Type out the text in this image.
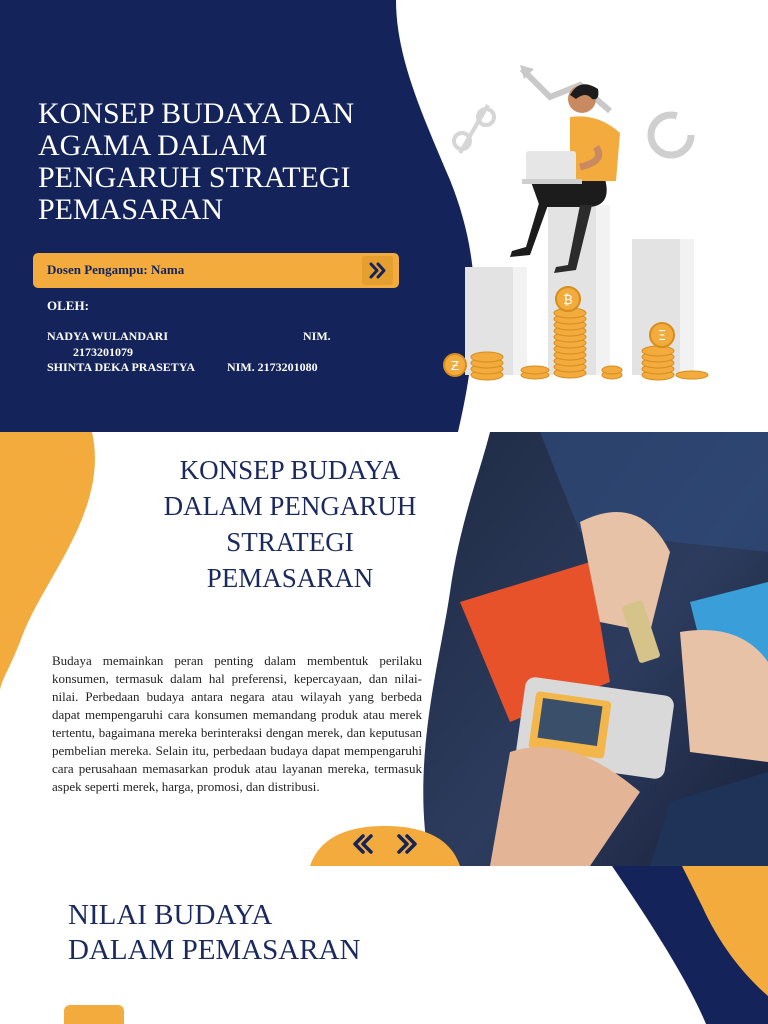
KONSEP BUDAYA DAN
AGAMA DALAM
PENGARUH STRATEGI
PEMASARAN
Dosen Pengampu: Nama
OLEH:
NADYA WULANDARI	NIM.
2173201079
SHINTA DEKA PRASETYA	NIM. 2173201080
₿
Ξ
Ƶ
KONSEP BUDAYA
DALAM PENGARUH
STRATEGI
PEMASARAN

Budaya memainkan peran penting dalam membentuk perilaku konsumen, termasuk dalam hal preferensi, kepercayaan, dan nilai-nilai. Perbedaan budaya antara negara atau wilayah yang berbeda dapat mempengaruhi cara konsumen memandang produk atau merek tertentu, bagaimana mereka berinteraksi dengan merek, dan keputusan pembelian mereka. Selain itu, perbedaan budaya dapat mempengaruhi cara perusahaan memasarkan produk atau layanan mereka, termasuk aspek seperti merek, harga, promosi, dan distribusi.

NILAI BUDAYA
DALAM PEMASARAN
